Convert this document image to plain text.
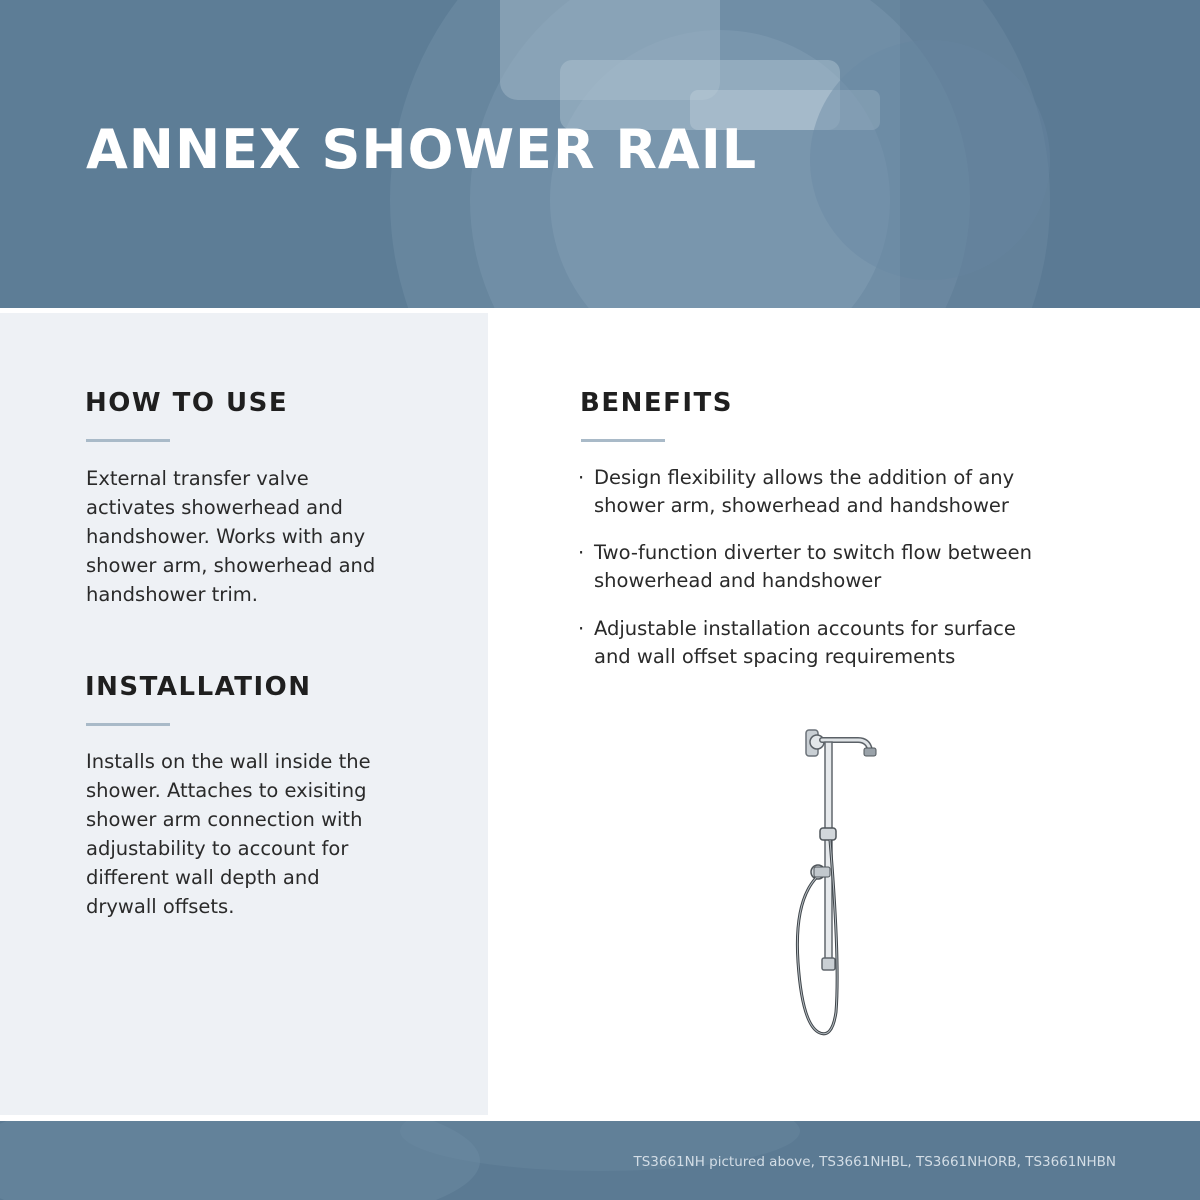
ANNEX SHOWER RAIL
HOW TO USE
External transfer valve
activates showerhead and
handshower. Works with any
shower arm, showerhead and
handshower trim.
INSTALLATION
Installs on the wall inside the
shower. Attaches to exisiting
shower arm connection with
adjustability to account for
different wall depth and
drywall offsets.
BENEFITS
· Design flexibility allows the addition of any
shower arm, showerhead and handshower
· Two-function diverter to switch flow between
showerhead and handshower
· Adjustable installation accounts for surface
and wall offset spacing requirements

TS3661NH pictured above, TS3661NHBL, TS3661NHORB, TS3661NHBN
